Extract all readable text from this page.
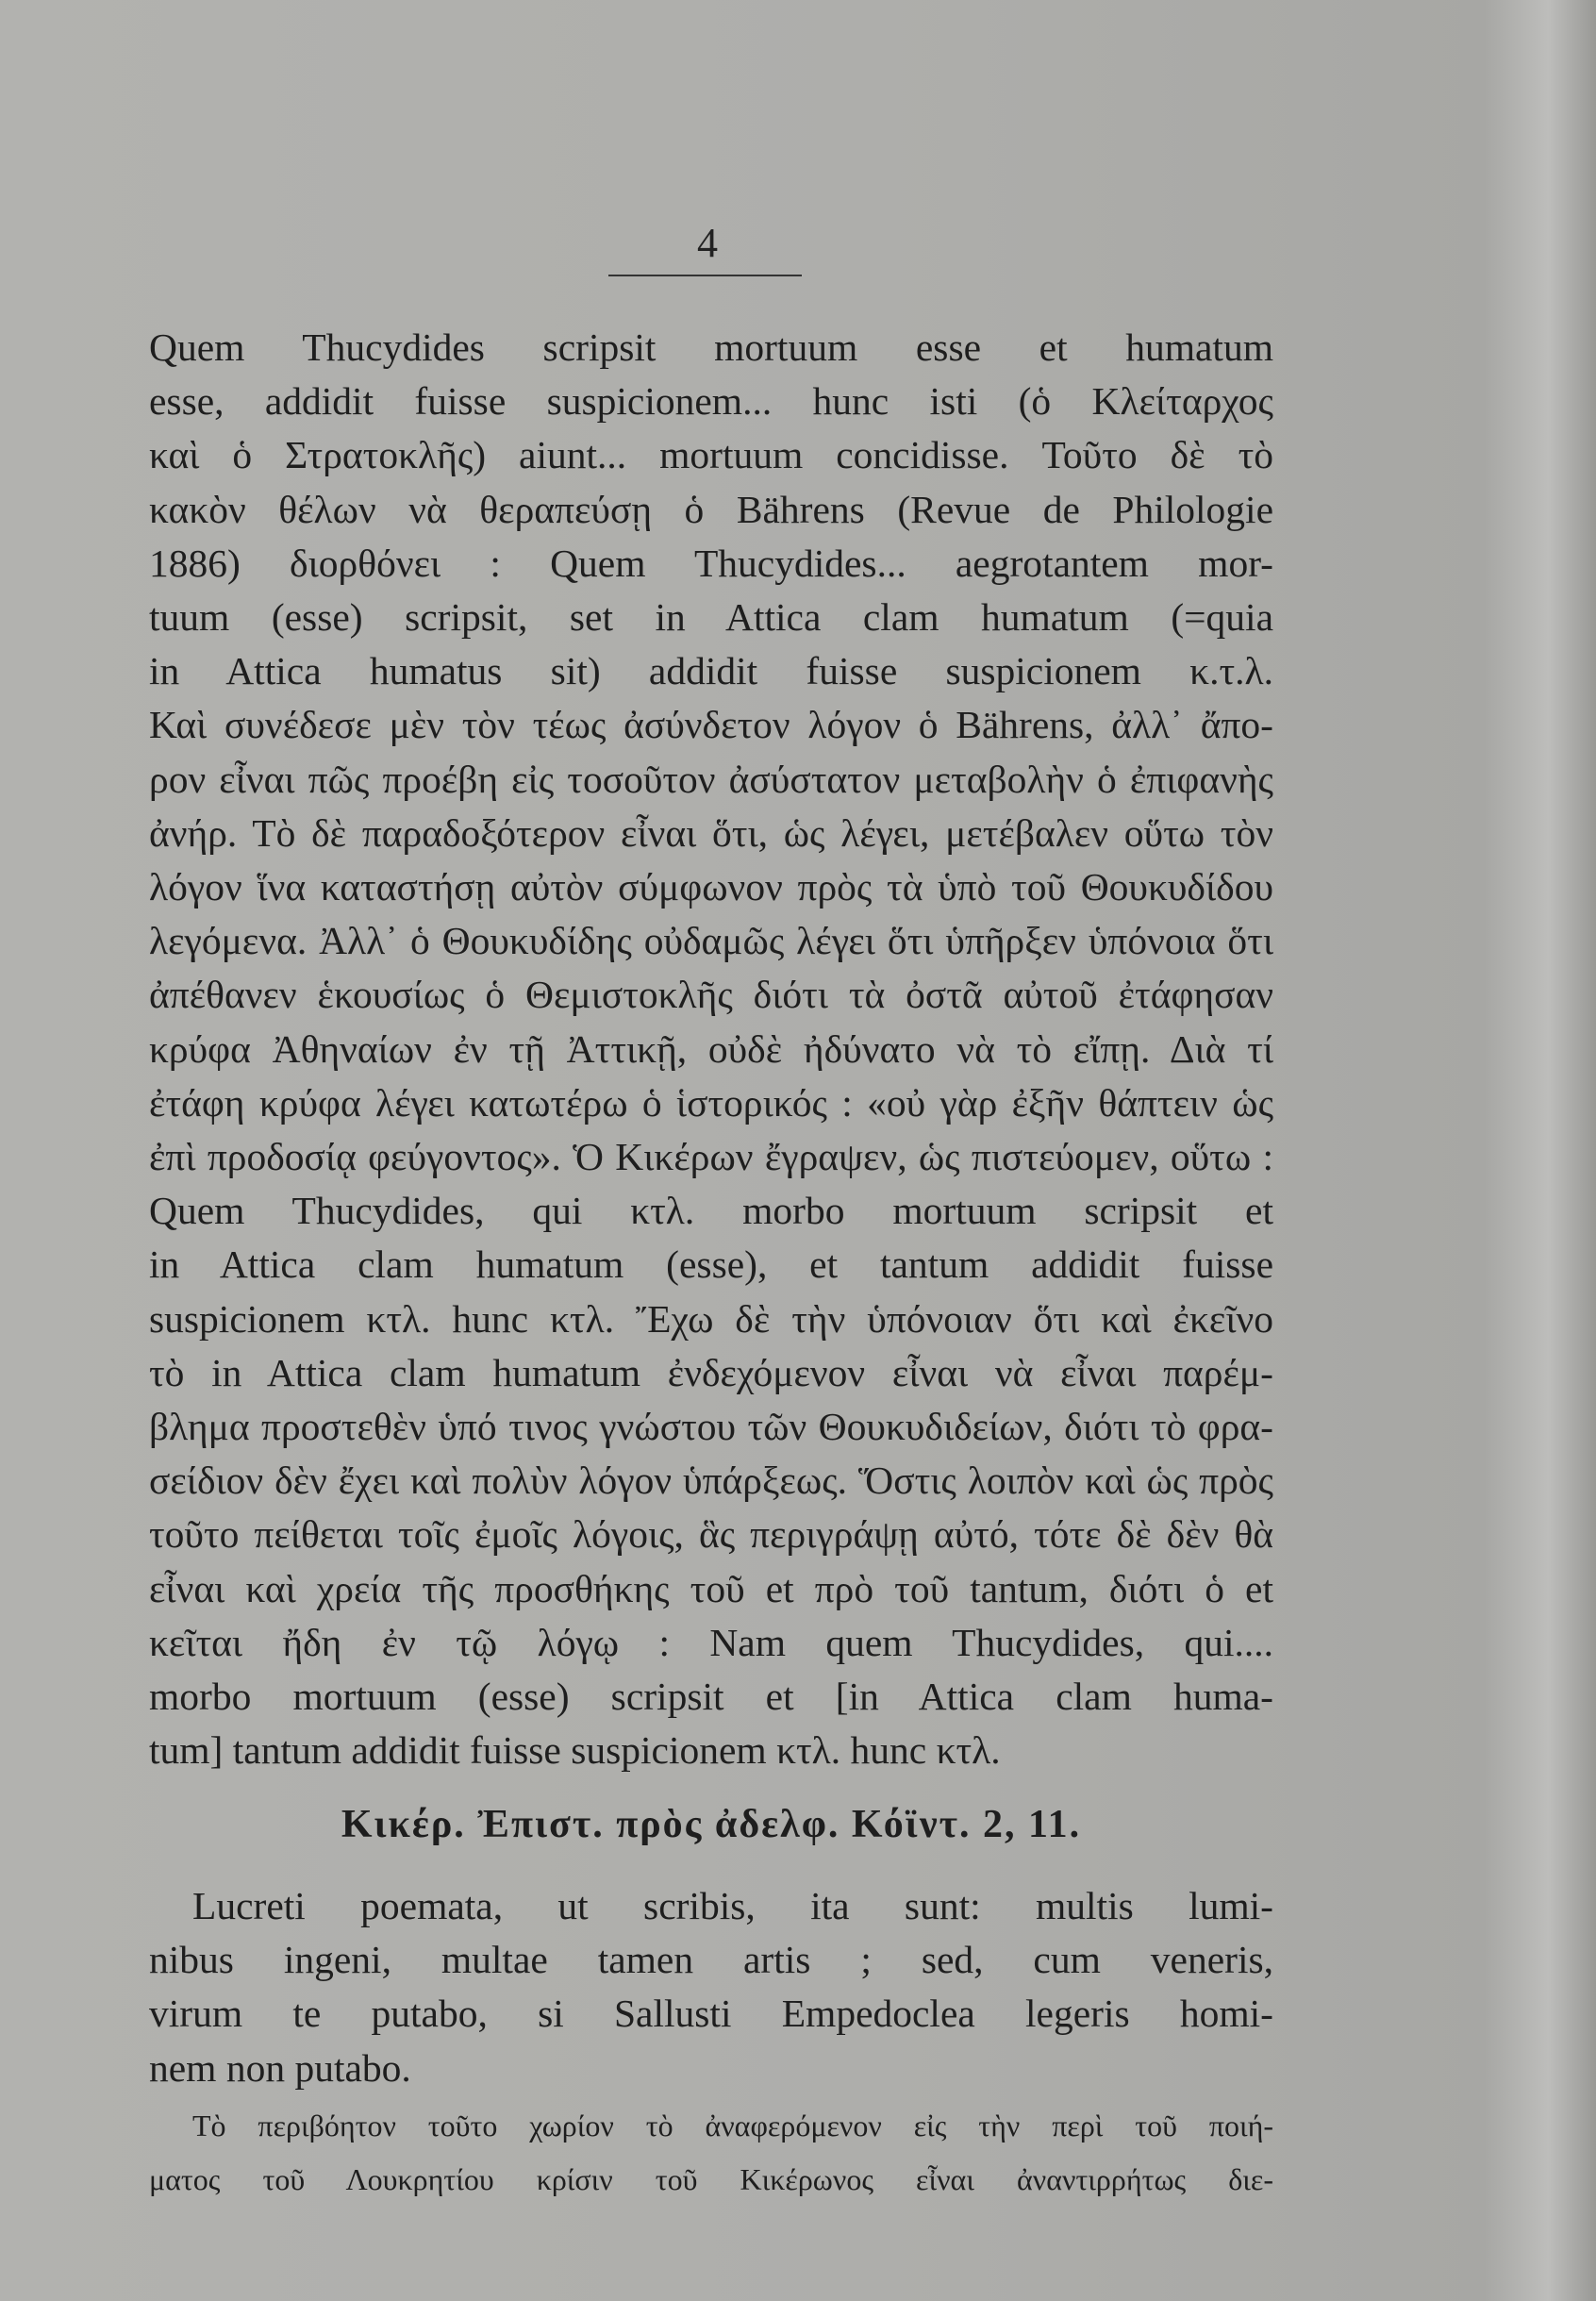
4
Quem Thucydides scripsit mortuum esse et humatum
esse, addidit fuisse suspicionem... hunc isti (ὁ Κλείταρχος
καὶ ὁ Στρατοκλῆς) aiunt... mortuum concidisse. Τοῦτο δὲ τὸ
κακὸν θέλων νὰ θεραπεύσῃ ὁ Bährens (Revue de Philologie
1886) διορθόνει : Quem Thucydides... aegrotantem mor-
tuum (esse) scripsit, set in Attica clam humatum (=quia
in Attica humatus sit) addidit fuisse suspicionem κ.τ.λ.
Καὶ συνέδεσε μὲν τὸν τέως ἀσύνδετον λόγον ὁ Bährens, ἀλλ᾽ ἄπο-
ρον εἶναι πῶς προέβη εἰς τοσοῦτον ἀσύστατον μεταβολὴν ὁ ἐπιφανὴς
ἀνήρ. Τὸ δὲ παραδοξότερον εἶναι ὅτι, ὡς λέγει, μετέβαλεν οὕτω τὸν
λόγον ἵνα καταστήσῃ αὐτὸν σύμφωνον πρὸς τὰ ὑπὸ τοῦ Θουκυδίδου
λεγόμενα. Ἀλλ᾽ ὁ Θουκυδίδης οὐδαμῶς λέγει ὅτι ὑπῆρξεν ὑπόνοια ὅτι
ἀπέθανεν ἑκουσίως ὁ Θεμιστοκλῆς διότι τὰ ὀστᾶ αὐτοῦ ἐτάφησαν
κρύφα Ἀθηναίων ἐν τῇ Ἀττικῇ, οὐδὲ ἠδύνατο νὰ τὸ εἴπῃ. Διὰ τί
ἐτάφη κρύφα λέγει κατωτέρω ὁ ἱστορικός : «οὐ γὰρ ἐξῆν θάπτειν ὡς
ἐπὶ προδοσίᾳ φεύγοντος». Ὁ Κικέρων ἔγραψεν, ὡς πιστεύομεν, οὕτω :
Quem Thucydides, qui κτλ. morbo mortuum scripsit et
in Attica clam humatum (esse), et tantum addidit fuisse
suspicionem κτλ. hunc κτλ. Ἔχω δὲ τὴν ὑπόνοιαν ὅτι καὶ ἐκεῖνο
τὸ in Attica clam humatum ἐνδεχόμενον εἶναι νὰ εἶναι παρέμ-
βλημα προστεθὲν ὑπό τινος γνώστου τῶν Θουκυδιδείων, διότι τὸ φρα-
σείδιον δὲν ἔχει καὶ πολὺν λόγον ὑπάρξεως. Ὅστις λοιπὸν καὶ ὡς πρὸς
τοῦτο πείθεται τοῖς ἐμοῖς λόγοις, ἃς περιγράψῃ αὐτό, τότε δὲ δὲν θὰ
εἶναι καὶ χρεία τῆς προσθήκης τοῦ et πρὸ τοῦ tantum, διότι ὁ et
κεῖται ἤδη ἐν τῷ λόγῳ : Nam quem Thucydides, qui....
morbo mortuum (esse) scripsit et [in Attica clam huma-
tum] tantum addidit fuisse suspicionem κτλ. hunc κτλ.
Κικέρ. Ἐπιστ. πρὸς ἀδελφ. Κόϊντ. 2, 11.
Lucreti poemata, ut scribis, ita sunt: multis lumi-
nibus ingeni, multae tamen artis ; sed, cum veneris,
virum te putabo, si Sallusti Empedoclea legeris homi-
nem non putabo.
Τὸ περιβόητον τοῦτο χωρίον τὸ ἀναφερόμενον εἰς τὴν περὶ τοῦ ποιή-
ματος τοῦ Λουκρητίου κρίσιν τοῦ Κικέρωνος εἶναι ἀναντιρρήτως διε-
